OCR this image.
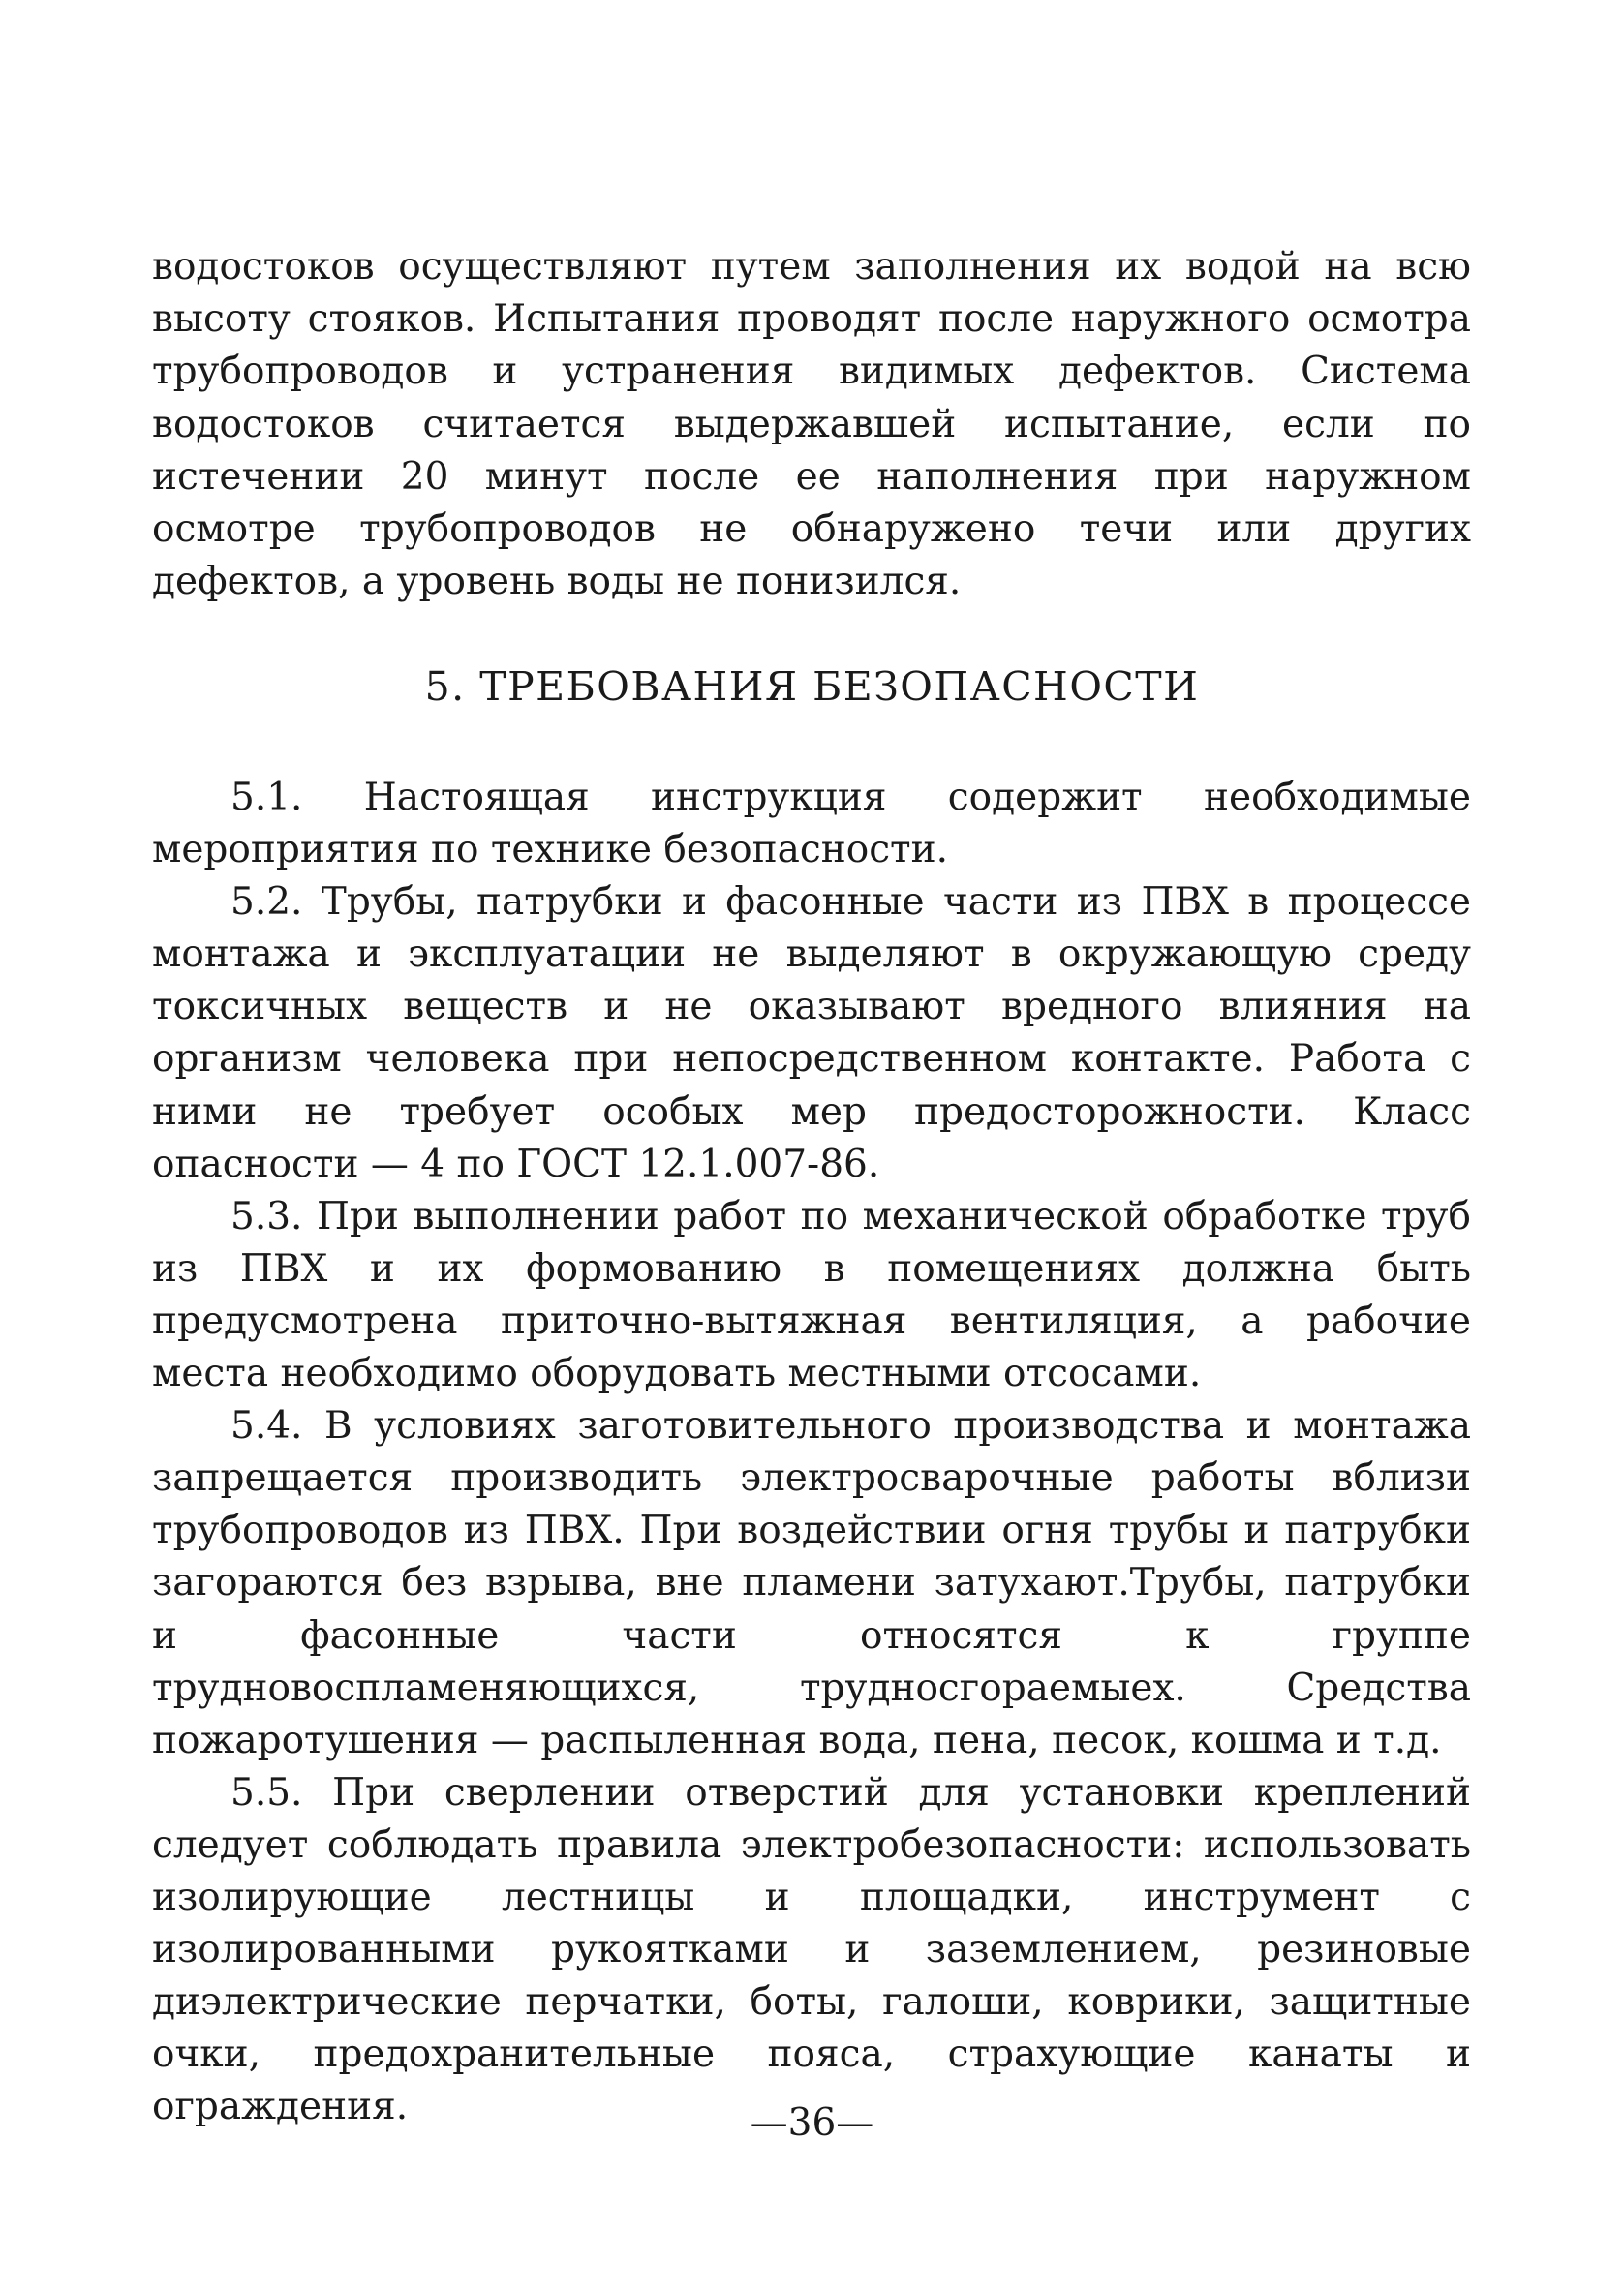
водостоков осуществляют путем заполнения их водой на всю высоту стояков. Испытания проводят после наружного осмотра трубопроводов и устранения видимых дефектов. Система водостоков считается выдержавшей испытание, если по истечении 20 минут после ее наполнения при наружном осмотре трубопроводов не обнаружено течи или других дефектов, а уровень воды не понизился.

5. ТРЕБОВАНИЯ БЕЗОПАСНОСТИ

5.1. Настоящая инструкция содержит необходимые мероприятия по технике безопасности.

5.2. Трубы, патрубки и фасонные части из ПВХ в процессе монтажа и эксплуатации не выделяют в окружающую среду токсичных веществ и не оказывают вредного влияния на организм человека при непосредственном контакте. Работа с ними не требует особых мер предосторожности. Класс опасности — 4 по ГОСТ 12.1.007-86.

5.3. При выполнении работ по механической обработке труб из ПВХ и их формованию в помещениях должна быть предусмотрена приточно-вытяжная вентиляция, а рабочие места необходимо оборудовать местными отсосами.

5.4. В условиях заготовительного производства и монтажа запрещается производить электросварочные работы вблизи трубопроводов из ПВХ. При воздействии огня трубы и патрубки загораются без взрыва, вне пламени затухают.Трубы, патрубки и фасонные части относятся к группе трудновоспламеняющихся, трудносгораемыех. Средства пожаротушения — распыленная вода, пена, песок, кошма и т.д.

5.5. При сверлении отверстий для установки креплений следует соблюдать правила электробезопасности: использовать изолирующие лестницы и площадки, инструмент с изолированными рукоятками и заземлением, резиновые диэлектрические перчатки, боты, галоши, коврики, защитные очки, предохранительные пояса, страхующие канаты и ограждения.	—36—
